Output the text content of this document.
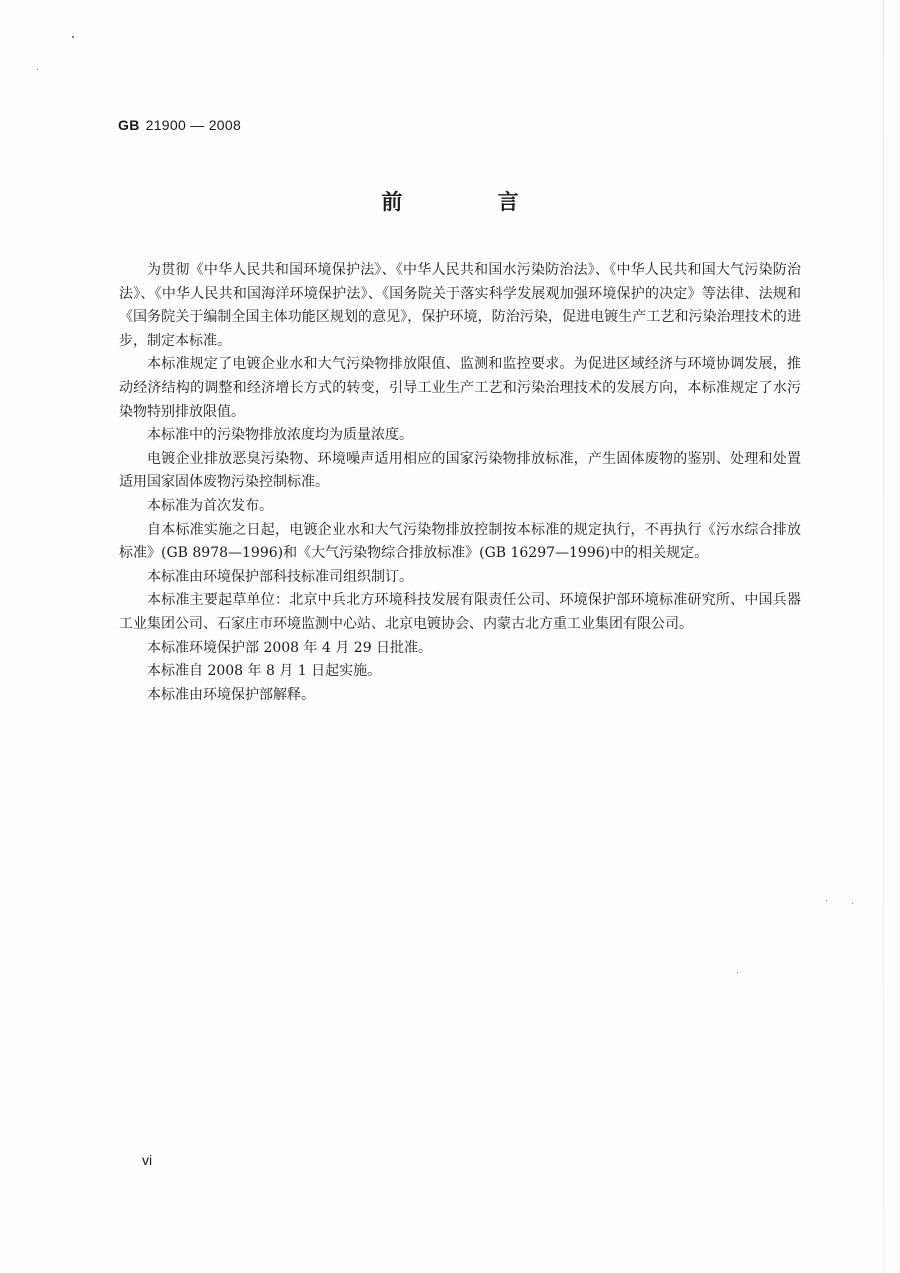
GB 21900 — 2008
前 言

为贯彻《中华人民共和国环境保护法》、《中华人民共和国水污染防治法》、《中华人民共和国大气污染防治法》、《中华人民共和国海洋环境保护法》、《国务院关于落实科学发展观加强环境保护的决定》等法律、法规和《国务院关于编制全国主体功能区规划的意见》，保护环境，防治污染，促进电镀生产工艺和污染治理技术的进步，制定本标准。

本标准规定了电镀企业水和大气污染物排放限值、监测和监控要求。为促进区域经济与环境协调发展，推动经济结构的调整和经济增长方式的转变，引导工业生产工艺和污染治理技术的发展方向，本标准规定了水污染物特别排放限值。

本标准中的污染物排放浓度均为质量浓度。

电镀企业排放恶臭污染物、环境噪声适用相应的国家污染物排放标准，产生固体废物的鉴别、处理和处置适用国家固体废物污染控制标准。

本标准为首次发布。

自本标准实施之日起，电镀企业水和大气污染物排放控制按本标准的规定执行，不再执行《污水综合排放标准》(GB 8978—1996)和《大气污染物综合排放标准》(GB 16297—1996)中的相关规定。

本标准由环境保护部科技标准司组织制订。

本标准主要起草单位：北京中兵北方环境科技发展有限责任公司、环境保护部环境标准研究所、中国兵器工业集团公司、石家庄市环境监测中心站、北京电镀协会、内蒙古北方重工业集团有限公司。

本标准环境保护部 2008 年 4 月 29 日批准。

本标准自 2008 年 8 月 1 日起实施。

本标准由环境保护部解释。

vi
